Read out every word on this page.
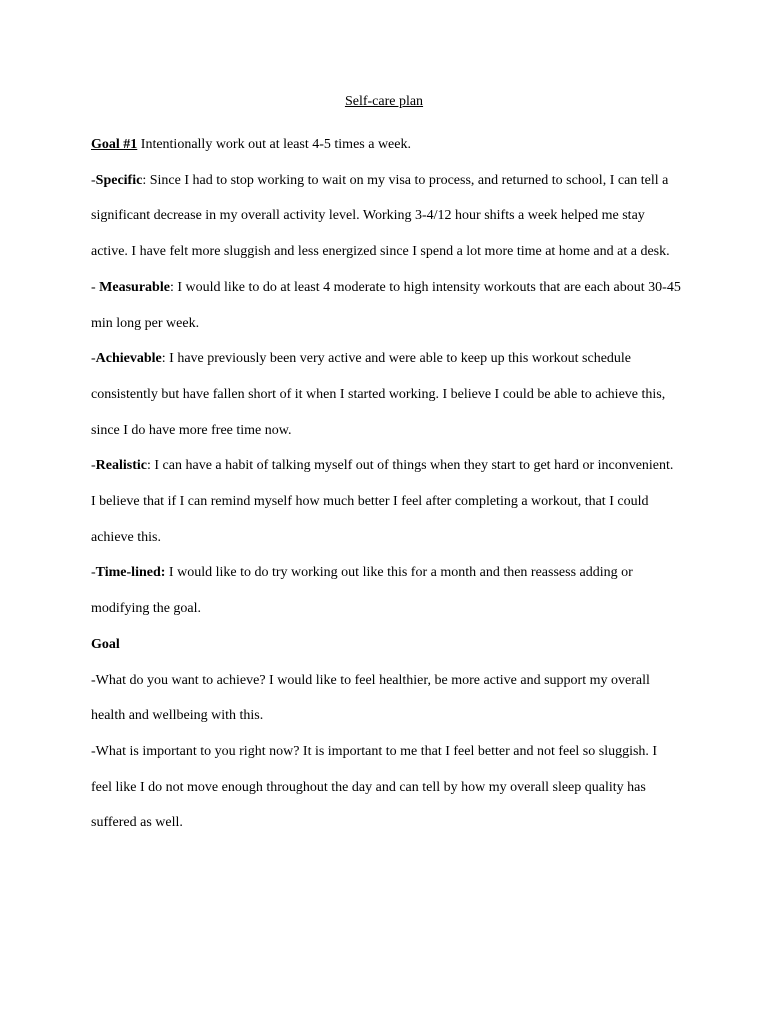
Self-care plan

Goal #1 Intentionally work out at least 4-5 times a week.

-Specific: Since I had to stop working to wait on my visa to process, and returned to school, I can tell a significant decrease in my overall activity level. Working 3-4/12 hour shifts a week helped me stay active. I have felt more sluggish and less energized since I spend a lot more time at home and at a desk.

- Measurable: I would like to do at least 4 moderate to high intensity workouts that are each about 30-45 min long per week.

-Achievable: I have previously been very active and were able to keep up this workout schedule consistently but have fallen short of it when I started working. I believe I could be able to achieve this, since I do have more free time now.

-Realistic: I can have a habit of talking myself out of things when they start to get hard or inconvenient. I believe that if I can remind myself how much better I feel after completing a workout, that I could achieve this.

-Time-lined: I would like to do try working out like this for a month and then reassess adding or modifying the goal.

Goal

-What do you want to achieve? I would like to feel healthier, be more active and support my overall health and wellbeing with this.

-What is important to you right now? It is important to me that I feel better and not feel so sluggish. I feel like I do not move enough throughout the day and can tell by how my overall sleep quality has suffered as well.
